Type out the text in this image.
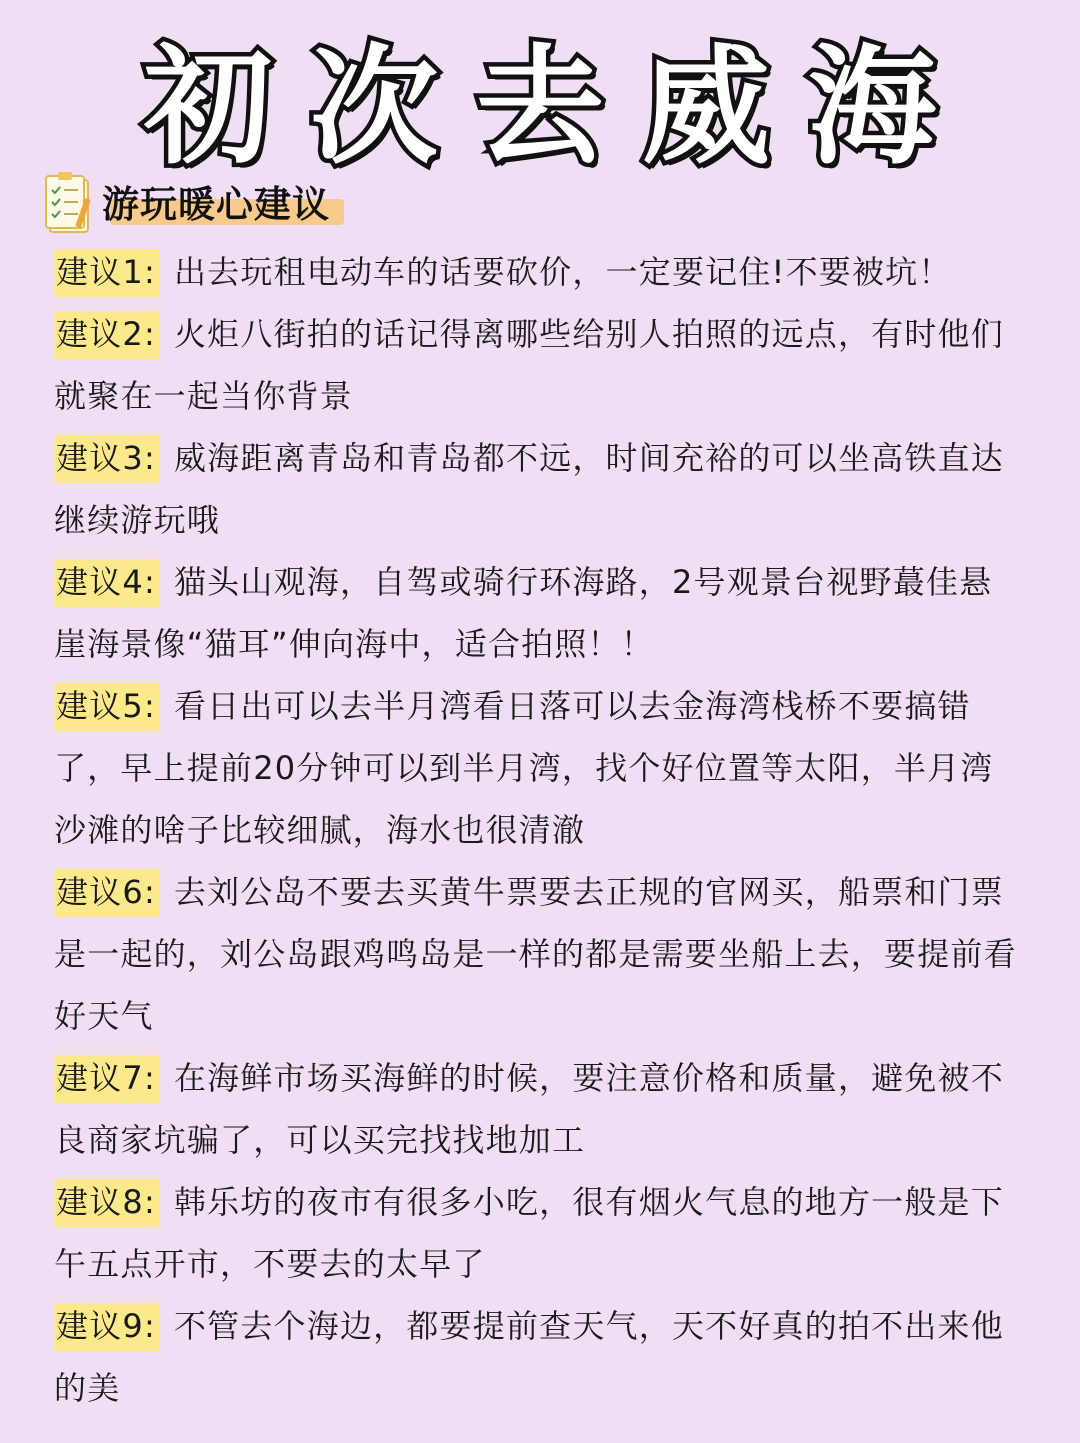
初次去威海
游玩暖心建议
建议1: 出去玩租电动车的话要砍价，一定要记住!不要被坑！
建议2: 火炬八街拍的话记得离哪些给别人拍照的远点，有时他们就聚在一起当你背景
建议3: 威海距离青岛和青岛都不远，时间充裕的可以坐高铁直达继续游玩哦
建议4: 猫头山观海，自驾或骑行环海路，2号观景台视野蕞佳悬崖海景像“猫耳”伸向海中，适合拍照！！
建议5: 看日出可以去半月湾看日落可以去金海湾栈桥不要搞错了，早上提前20分钟可以到半月湾，找个好位置等太阳，半月湾沙滩的啥子比较细腻，海水也很清澈
建议6: 去刘公岛不要去买黄牛票要去正规的官网买，船票和门票是一起的，刘公岛跟鸡鸣岛是一样的都是需要坐船上去，要提前看好天气
建议7: 在海鲜市场买海鲜的时候，要注意价格和质量，避免被不良商家坑骗了，可以买完找找地加工
建议8: 韩乐坊的夜市有很多小吃，很有烟火气息的地方一般是下午五点开市，不要去的太早了
建议9: 不管去个海边，都要提前查天气，天不好真的拍不出来他的美
